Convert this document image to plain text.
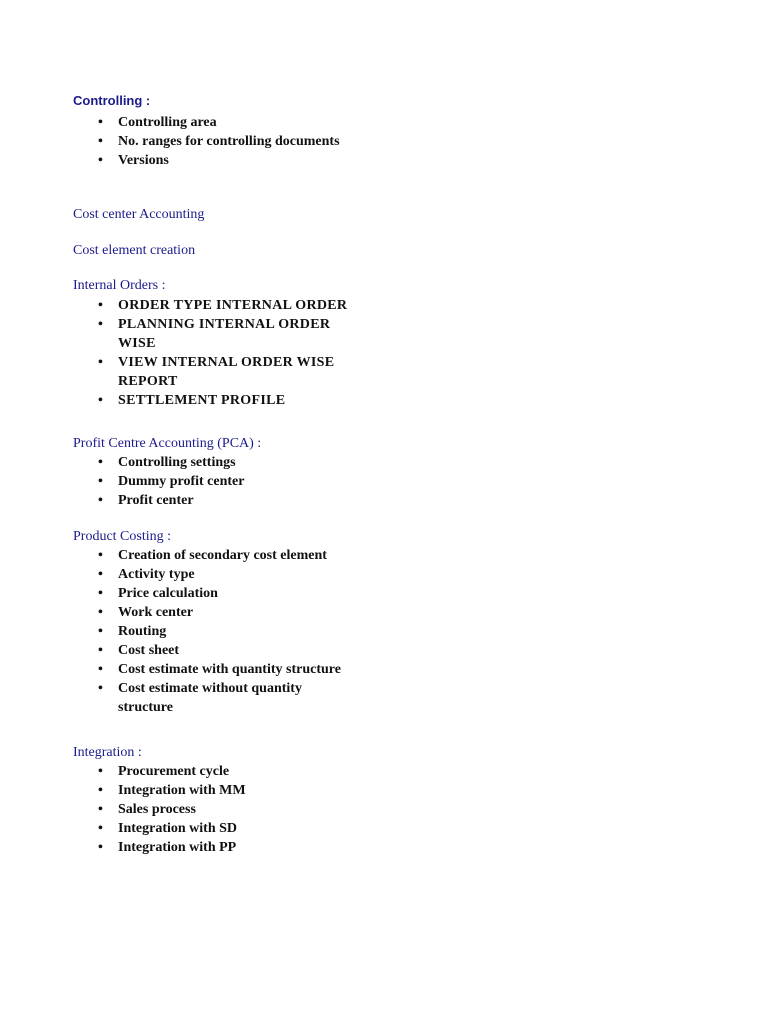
Controlling :
• Controlling area
• No. ranges for controlling documents
• Versions
Cost center Accounting
Cost element creation
Internal Orders :
• ORDER TYPE INTERNAL ORDER
• PLANNING INTERNAL ORDER WISE
• VIEW INTERNAL ORDER WISE REPORT
• SETTLEMENT PROFILE
Profit Centre Accounting (PCA) :
• Controlling settings
• Dummy profit center
• Profit center
Product Costing :
• Creation of secondary cost element
• Activity type
• Price calculation
• Work center
• Routing
• Cost sheet
• Cost estimate with quantity structure
• Cost estimate without quantity structure
Integration :
• Procurement cycle
• Integration with MM
• Sales process
• Integration with SD
• Integration with PP
